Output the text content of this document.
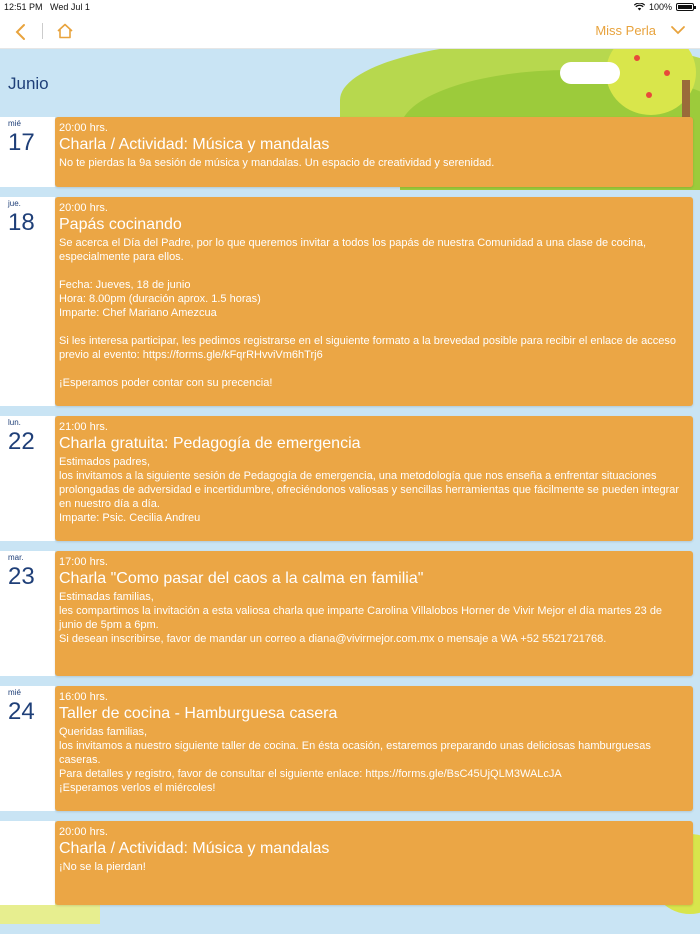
12:51 PM Wed Jul 1	100%
Miss Perla
Junio
mié
17
20:00 hrs.
Charla / Actividad: Música y mandalas
No te pierdas la 9a sesión de música y mandalas. Un espacio de creatividad y serenidad.
jue.
18
20:00 hrs.
Papás cocinando
Se acerca el Día del Padre, por lo que queremos invitar a todos los papás de nuestra Comunidad a una clase de cocina, especialmente para ellos.

Fecha: Jueves, 18 de junio
Hora: 8.00pm (duración aprox. 1.5 horas)
Imparte: Chef Mariano Amezcua

Si les interesa participar, les pedimos registrarse en el siguiente formato a la brevedad posible para recibir el enlace de acceso previo al evento: https://forms.gle/kFqrRHvviVm6hTrj6

¡Esperamos poder contar con su precencia!
lun.
22
21:00 hrs.
Charla gratuita: Pedagogía de emergencia
Estimados padres,
los invitamos a la siguiente sesión de Pedagogía de emergencia, una metodología que nos enseña a enfrentar situaciones prolongadas de adversidad e incertidumbre, ofreciéndonos valiosas y sencillas herramientas que fácilmente se pueden integrar en nuestro día a día.
Imparte: Psic. Cecilia Andreu
mar.
23
17:00 hrs.
Charla "Como pasar del caos a la calma en familia"
Estimadas familias,
les compartimos la invitación a esta valiosa charla que imparte Carolina Villalobos Horner de Vivir Mejor el día martes 23 de junio de 5pm a 6pm.
Si desean inscribirse, favor de mandar un correo a diana@vivirmejor.com.mx o mensaje a WA +52 5521721768.
mié
24
16:00 hrs.
Taller de cocina - Hamburguesa casera
Queridas familias,
los invitamos a nuestro siguiente taller de cocina. En ésta ocasión, estaremos preparando unas deliciosas hamburguesas caseras.
Para detalles y registro, favor de consultar el siguiente enlace: https://forms.gle/BsC45UjQLM3WALcJA
¡Esperamos verlos el miércoles!
20:00 hrs.
Charla / Actividad: Música y mandalas
¡No se la pierdan!
